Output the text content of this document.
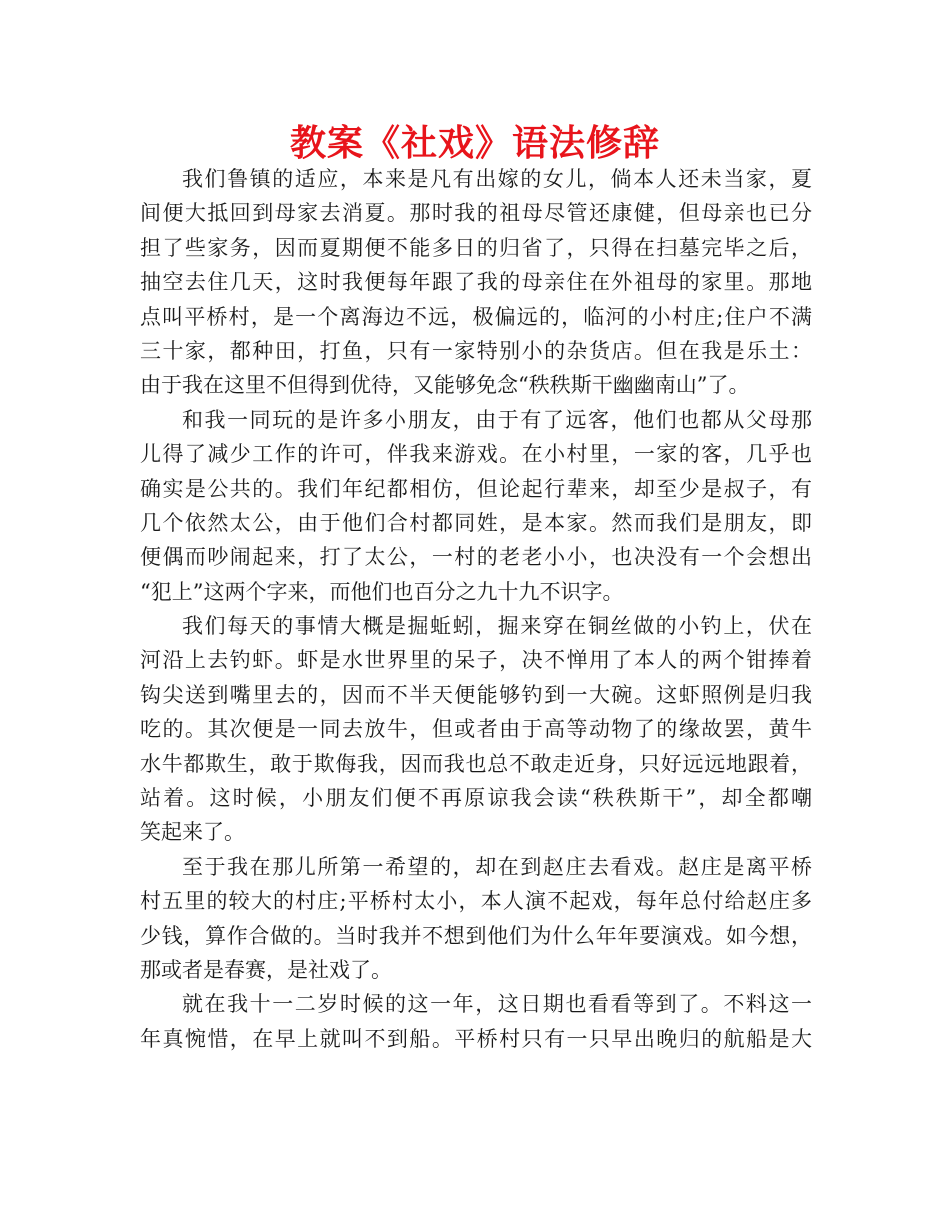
教案《社戏》语法修辞
我们鲁镇的适应，本来是凡有出嫁的女儿，倘本人还未当家，夏
间便大抵回到母家去消夏。那时我的祖母尽管还康健，但母亲也已分
担了些家务，因而夏期便不能多日的归省了，只得在扫墓完毕之后，
抽空去住几天，这时我便每年跟了我的母亲住在外祖母的家里。那地
点叫平桥村，是一个离海边不远，极偏远的，临河的小村庄;住户不满
三十家，都种田，打鱼，只有一家特别小的杂货店。但在我是乐土：
由于我在这里不但得到优待，又能够免念“秩秩斯干幽幽南山”了。
和我一同玩的是许多小朋友，由于有了远客，他们也都从父母那
儿得了减少工作的许可，伴我来游戏。在小村里，一家的客，几乎也
确实是公共的。我们年纪都相仿，但论起行辈来，却至少是叔子，有
几个依然太公，由于他们合村都同姓，是本家。然而我们是朋友，即
便偶而吵闹起来，打了太公，一村的老老小小，也决没有一个会想出
“犯上”这两个字来，而他们也百分之九十九不识字。
我们每天的事情大概是掘蚯蚓，掘来穿在铜丝做的小钓上，伏在
河沿上去钓虾。虾是水世界里的呆子，决不惮用了本人的两个钳捧着
钩尖送到嘴里去的，因而不半天便能够钓到一大碗。这虾照例是归我
吃的。其次便是一同去放牛，但或者由于高等动物了的缘故罢，黄牛
水牛都欺生，敢于欺侮我，因而我也总不敢走近身，只好远远地跟着，
站着。这时候，小朋友们便不再原谅我会读“秩秩斯干”，却全都嘲
笑起来了。
至于我在那儿所第一希望的，却在到赵庄去看戏。赵庄是离平桥
村五里的较大的村庄;平桥村太小，本人演不起戏，每年总付给赵庄多
少钱，算作合做的。当时我并不想到他们为什么年年要演戏。如今想，
那或者是春赛，是社戏了。
就在我十一二岁时候的这一年，这日期也看看等到了。不料这一
年真惋惜，在早上就叫不到船。平桥村只有一只早出晚归的航船是大
